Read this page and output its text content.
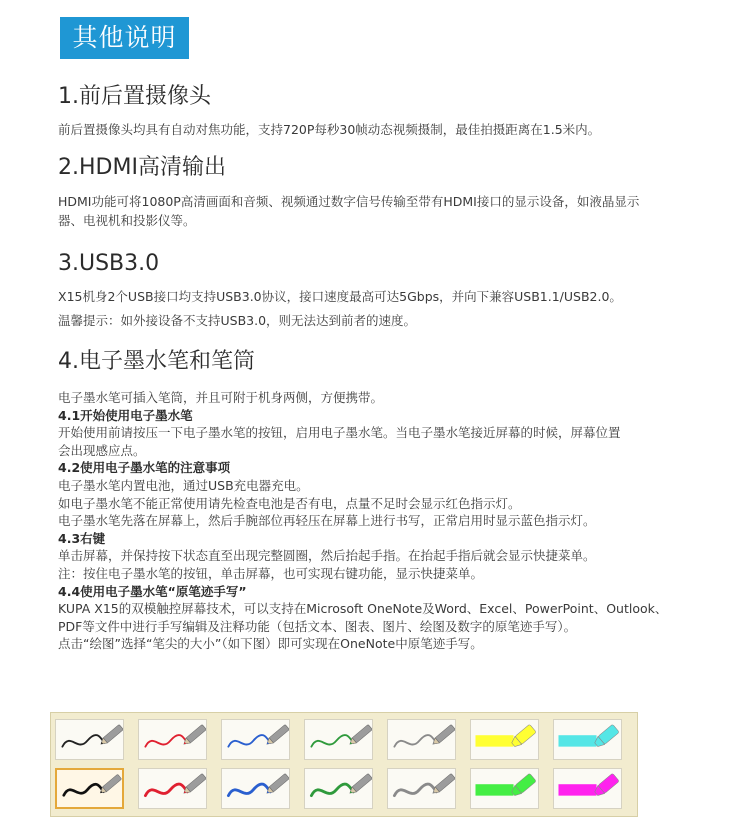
其他说明
1.前后置摄像头

前后置摄像头均具有自动对焦功能，支持720P每秒30帧动态视频摄制，最佳拍摄距离在1.5米内。

2.HDMI高清输出

HDMI功能可将1080P高清画面和音频、视频通过数字信号传输至带有HDMI接口的显示设备，如液晶显示

器、电视机和投影仪等。

3.USB3.0

X15机身2个USB接口均支持USB3.0协议，接口速度最高可达5Gbps，并向下兼容USB1.1/USB2.0。

温馨提示：如外接设备不支持USB3.0，则无法达到前者的速度。

4.电子墨水笔和笔筒
电子墨水笔可插入笔筒，并且可附于机身两侧，方便携带。
4.1开始使用电子墨水笔
开始使用前请按压一下电子墨水笔的按钮，启用电子墨水笔。当电子墨水笔接近屏幕的时候，屏幕位置
会出现感应点。
4.2使用电子墨水笔的注意事项
电子墨水笔内置电池，通过USB充电器充电。
如电子墨水笔不能正常使用请先检查电池是否有电，点量不足时会显示红色指示灯。
电子墨水笔先落在屏幕上，然后手腕部位再轻压在屏幕上进行书写，正常启用时显示蓝色指示灯。
4.3右键
单击屏幕，并保持按下状态直至出现完整圆圈，然后抬起手指。在抬起手指后就会显示快捷菜单。
注：按住电子墨水笔的按钮，单击屏幕，也可实现右键功能，显示快捷菜单。
4.4使用电子墨水笔“原笔迹手写”
KUPA X15的双模触控屏幕技术，可以支持在Microsoft OneNote及Word、Excel、PowerPoint、Outlook、
PDF等文件中进行手写编辑及注释功能（包括文本、图表、图片、绘图及数字的原笔迹手写）。
点击“绘图”选择“笔尖的大小”（如下图）即可实现在OneNote中原笔迹手写。
